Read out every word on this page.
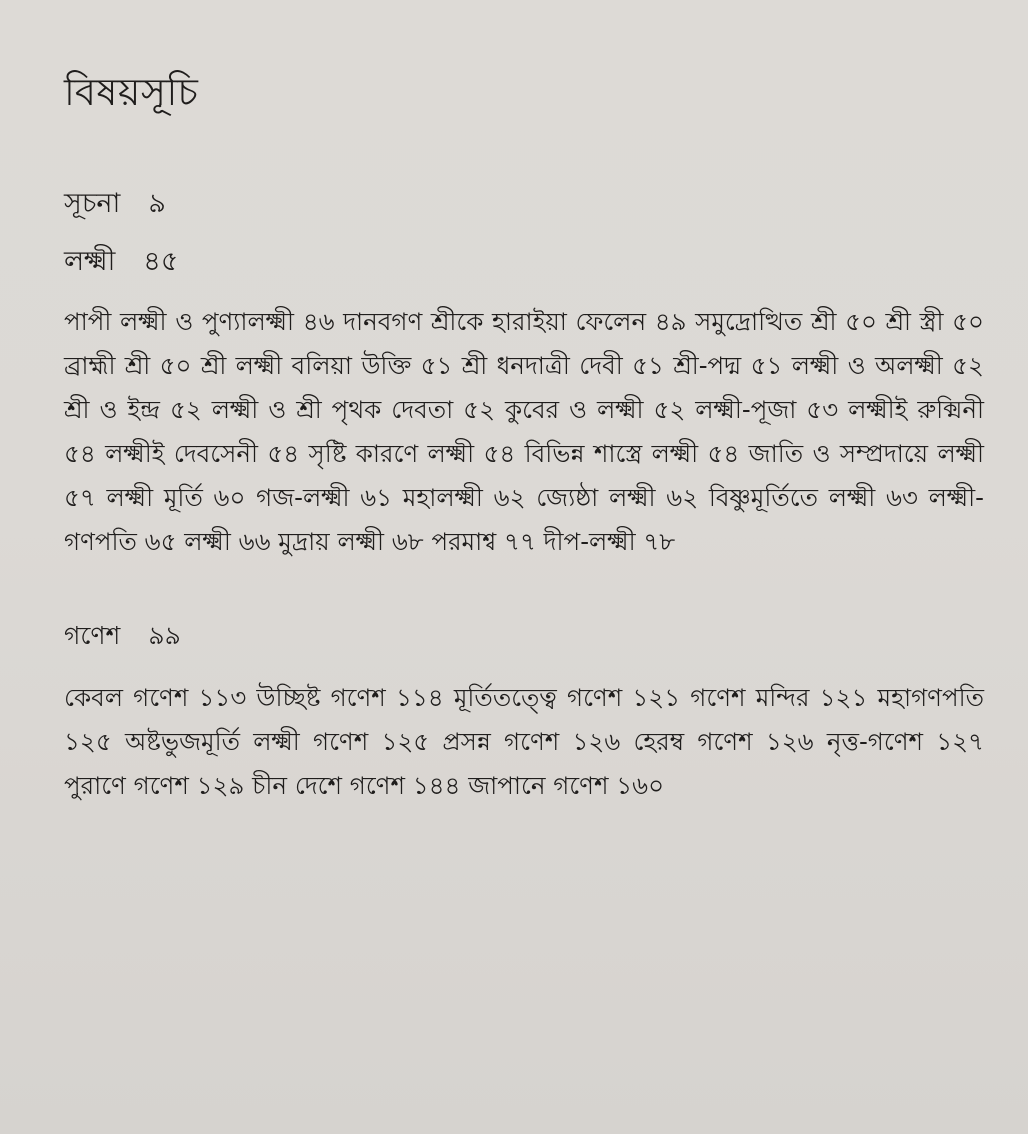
বিষয়সূচি
সূচনা ৯
লক্ষ্মী ৪৫

পাপী লক্ষ্মী ও পুণ্যালক্ষ্মী ৪৬ দানবগণ শ্রীকে হারাইয়া ফেলেন ৪৯ সমুদ্রোত্থিত শ্রী ৫০ শ্রী স্ত্রী ৫০ ব্রাহ্মী শ্রী ৫০ শ্রী লক্ষ্মী বলিয়া উক্তি ৫১ শ্রী ধনদাত্রী দেবী ৫১ শ্রী-পদ্ম ৫১ লক্ষ্মী ও অলক্ষ্মী ৫২ শ্রী ও ইন্দ্র ৫২ লক্ষ্মী ও শ্রী পৃথক দেবতা ৫২ কুবের ও লক্ষ্মী ৫২ লক্ষ্মী-পূজা ৫৩ লক্ষ্মীই রুক্মিনী ৫৪ লক্ষ্মীই দেবসেনী ৫৪ সৃষ্টি কারণে লক্ষ্মী ৫৪ বিভিন্ন শাস্ত্রে লক্ষ্মী ৫৪ জাতি ও সম্প্রদায়ে লক্ষ্মী ৫৭ লক্ষ্মী মূর্তি ৬০ গজ-লক্ষ্মী ৬১ মহালক্ষ্মী ৬২ জ্যেষ্ঠা লক্ষ্মী ৬২ বিষ্ণুমূর্তিতে লক্ষ্মী ৬৩ লক্ষ্মী- গণপতি ৬৫ লক্ষ্মী ৬৬ মুদ্রায় লক্ষ্মী ৬৮ পরমাশ্ব ৭৭ দীপ-লক্ষ্মী ৭৮

গণেশ ৯৯

কেবল গণেশ ১১৩ উচ্ছিষ্ট গণেশ ১১৪ মূর্তিতত্ত্বে গণেশ ১২১ গণেশ মন্দির ১২১ মহাগণপতি ১২৫ অষ্টভুজমূর্তি লক্ষ্মী গণেশ ১২৫ প্রসন্ন গণেশ ১২৬ হেরম্ব গণেশ ১২৬ নৃত্ত-গণেশ ১২৭ পুরাণে গণেশ ১২৯ চীন দেশে গণেশ ১৪৪ জাপানে গণেশ ১৬০
